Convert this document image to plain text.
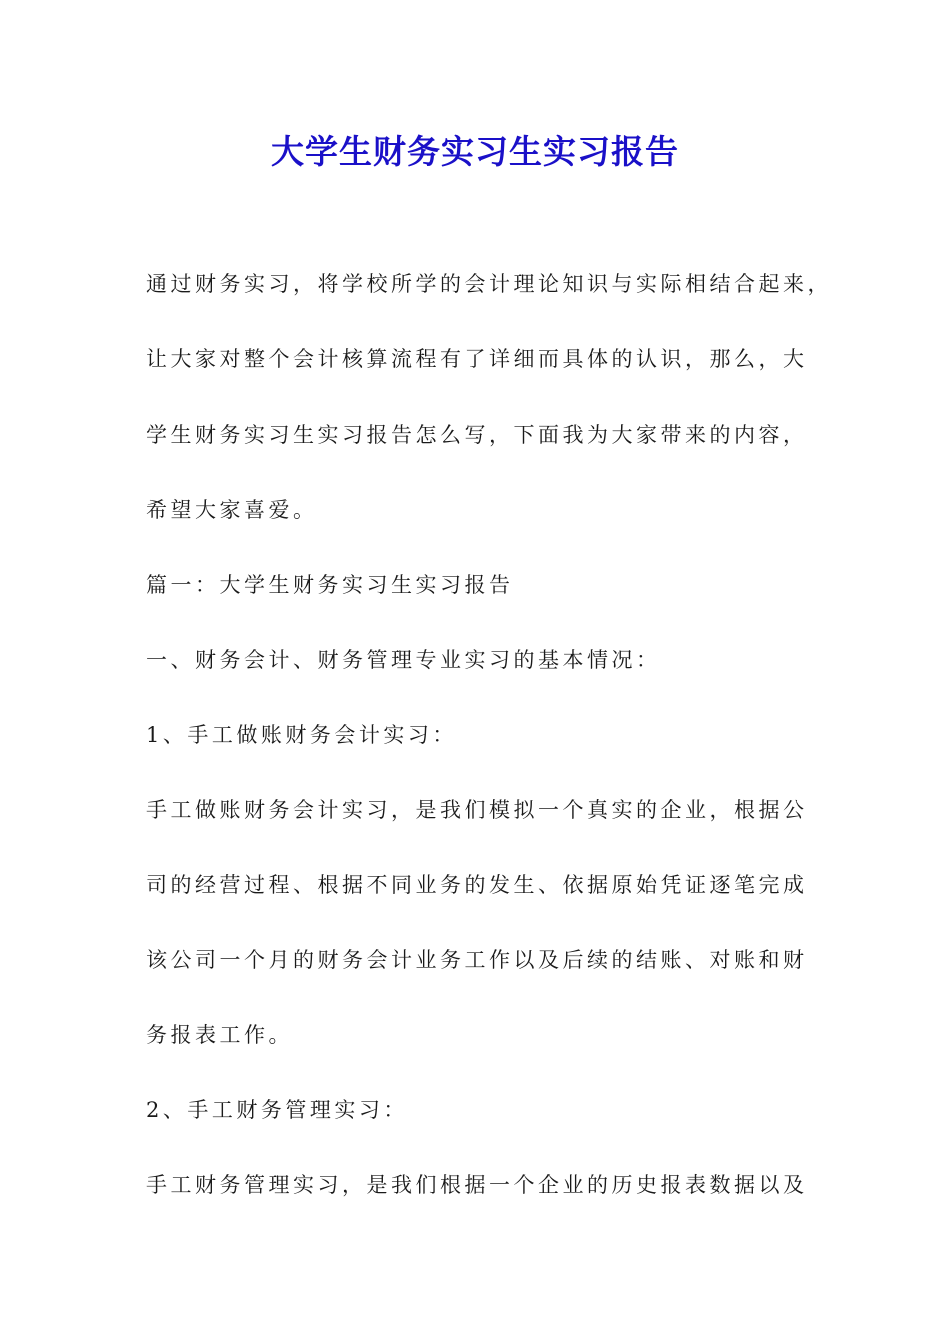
大学生财务实习生实习报告
通过财务实习，将学校所学的会计理论知识与实际相结合起来，
让大家对整个会计核算流程有了详细而具体的认识，那么，大
学生财务实习生实习报告怎么写，下面我为大家带来的内容，
希望大家喜爱。
篇一：大学生财务实习生实习报告
一、财务会计、财务管理专业实习的基本情况：
1、手工做账财务会计实习：
手工做账财务会计实习，是我们模拟一个真实的企业，根据公
司的经营过程、根据不同业务的发生、依据原始凭证逐笔完成
该公司一个月的财务会计业务工作以及后续的结账、对账和财
务报表工作。
2、手工财务管理实习：
手工财务管理实习，是我们根据一个企业的历史报表数据以及
